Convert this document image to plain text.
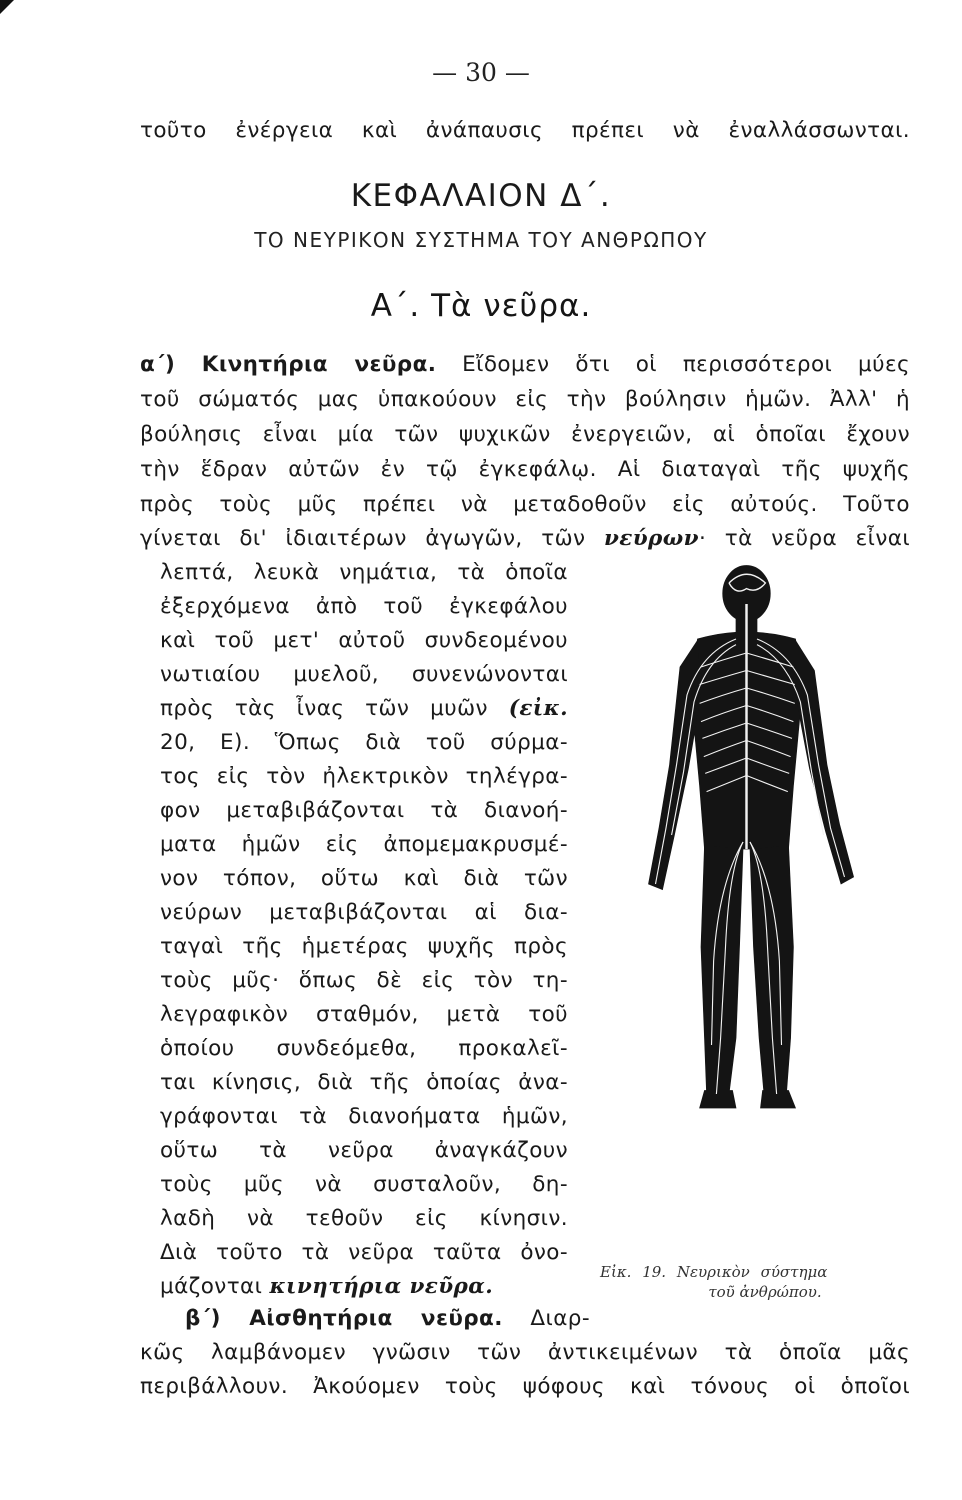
— 30 —
τοῦτο ἐνέργεια καὶ ἀνάπαυσις πρέπει νὰ ἐναλλάσσωνται.
ΚΕΦΑΛΑΙΟΝ Δ΄.
ΤΟ ΝΕΥΡΙΚΟΝ ΣΥΣΤΗΜΑ ΤΟΥ ΑΝΘΡΩΠΟΥ
Α΄. Τὰ νεῦρα.
α΄) Κινητήρια νεῦρα. Εἴδομεν ὅτι οἱ περισσότεροι μύες
τοῦ σώματός μας ὑπακούουν εἰς τὴν βούλησιν ἡμῶν. Ἀλλ' ἡ
βούλησις εἶναι μία τῶν ψυχικῶν ἐνεργειῶν, αἱ ὁποῖαι ἔχουν
τὴν ἕδραν αὐτῶν ἐν τῷ ἐγκεφάλῳ. Αἱ διαταγαὶ τῆς ψυχῆς
πρὸς τοὺς μῦς πρέπει νὰ μεταδοθοῦν εἰς αὐτούς. Τοῦτο
γίνεται δι' ἰδιαιτέρων ἀγωγῶν, τῶν νεύρων· τὰ νεῦρα εἶναι
λεπτά, λευκὰ νημάτια, τὰ ὁποῖα
ἐξερχόμενα ἀπὸ τοῦ ἐγκεφάλου
καὶ τοῦ μετ' αὐτοῦ συνδεομένου
νωτιαίου μυελοῦ, συνενώνονται
πρὸς τὰς ἶνας τῶν μυῶν (εἰκ.
20, Ε). Ὅπως διὰ τοῦ σύρμα-
τος εἰς τὸν ἠλεκτρικὸν τηλέγρα-
φον μεταβιβάζονται τὰ διανοή-
ματα ἡμῶν εἰς ἀπομεμακρυσμέ-
νον τόπον, οὕτω καὶ διὰ τῶν
νεύρων μεταβιβάζονται αἱ δια-
ταγαὶ τῆς ἡμετέρας ψυχῆς πρὸς
τοὺς μῦς· ὅπως δὲ εἰς τὸν τη-
λεγραφικὸν σταθμόν, μετὰ τοῦ
ὁποίου συνδεόμεθα, προκαλεῖ-
ται κίνησις, διὰ τῆς ὁποίας ἀνα-
γράφονται τὰ διανοήματα ἡμῶν,
οὕτω τὰ νεῦρα ἀναγκάζουν
τοὺς μῦς νὰ συσταλοῦν, δη-
λαδὴ νὰ τεθοῦν εἰς κίνησιν.
Διὰ τοῦτο τὰ νεῦρα ταῦτα ὀνο-
μάζονται κινητήρια νεῦρα.
β΄) Αἰσθητήρια νεῦρα. Διαρ-
κῶς λαμβάνομεν γνῶσιν τῶν ἀντικειμένων τὰ ὁποῖα μᾶς
περιβάλλουν. Ἀκούομεν τοὺς ψόφους καὶ τόνους οἱ ὁποῖοι
Εἰκ. 19. Νευρικὸν σύστημα
τοῦ ἀνθρώπου.
